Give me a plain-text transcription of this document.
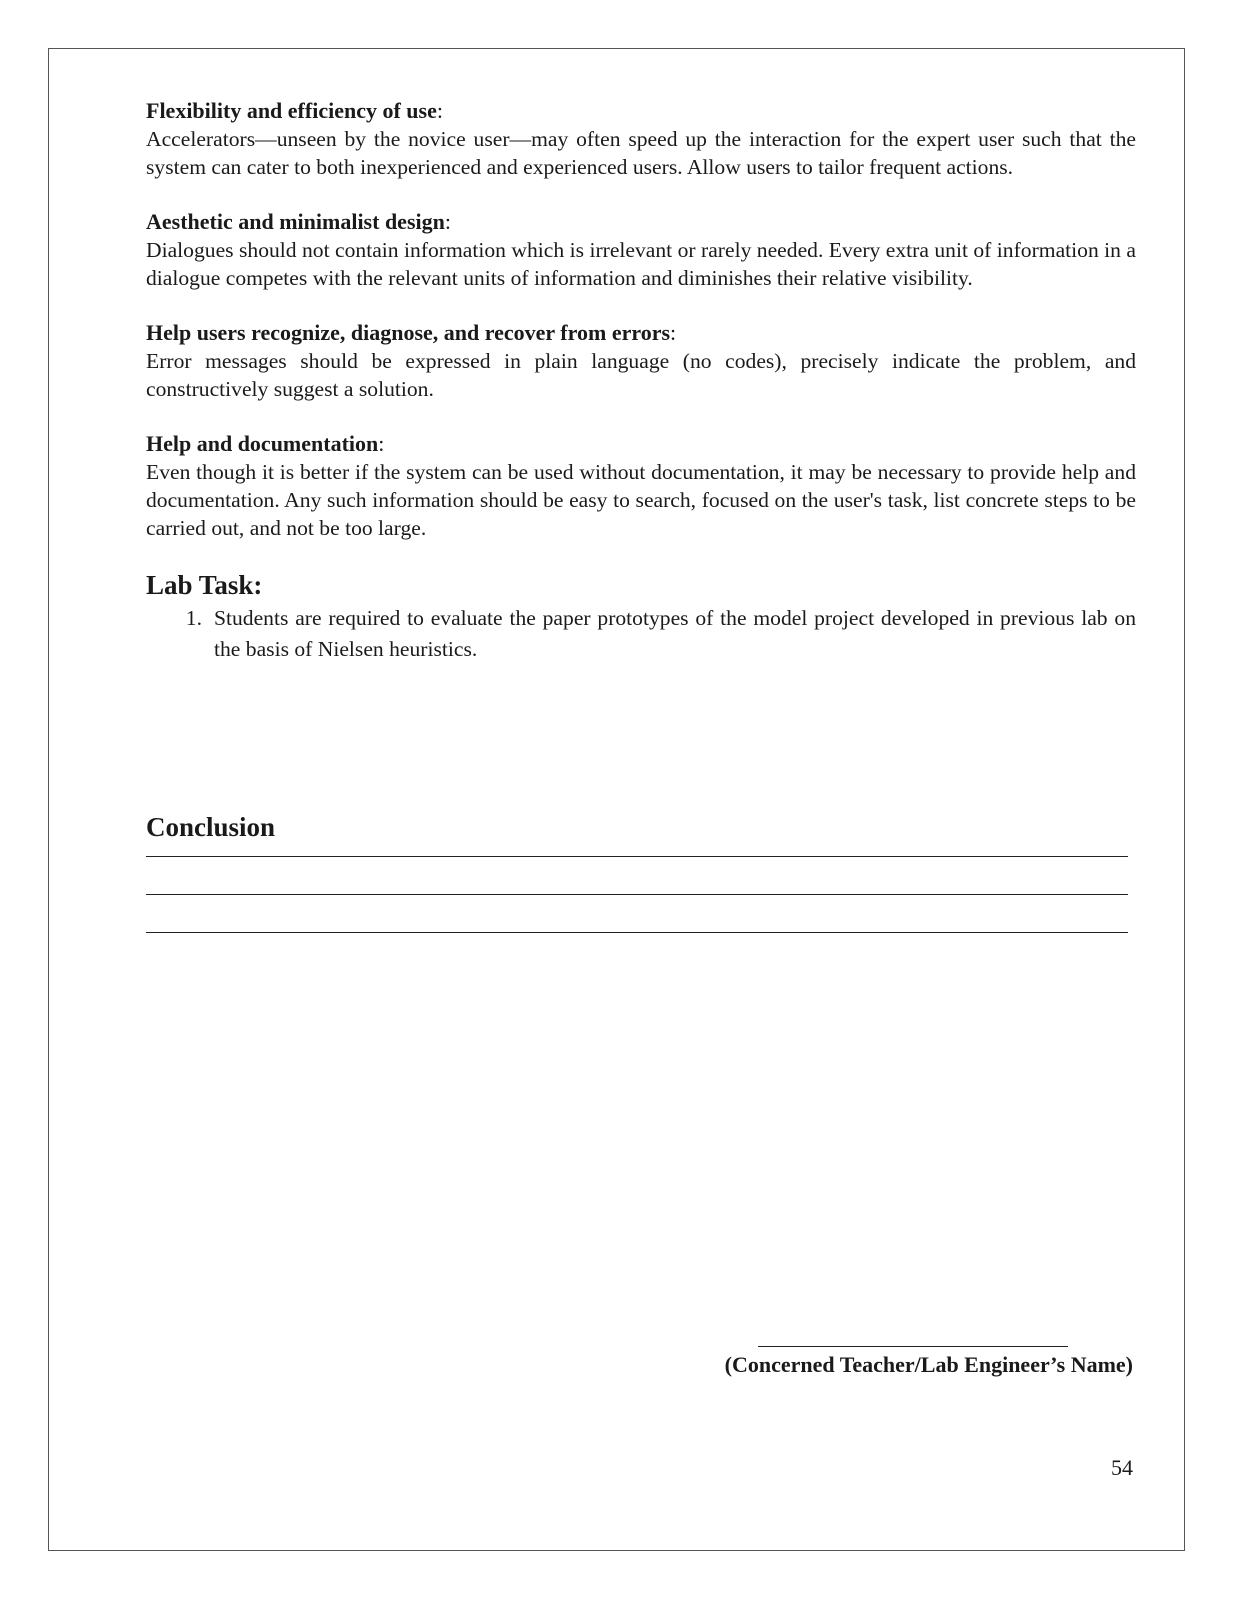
Flexibility and efficiency of use:
Accelerators—unseen by the novice user—may often speed up the interaction for the expert user such that the system can cater to both inexperienced and experienced users. Allow users to tailor frequent actions.
Aesthetic and minimalist design:
Dialogues should not contain information which is irrelevant or rarely needed. Every extra unit of information in a dialogue competes with the relevant units of information and diminishes their relative visibility.
Help users recognize, diagnose, and recover from errors:
Error messages should be expressed in plain language (no codes), precisely indicate the problem, and constructively suggest a solution.
Help and documentation:
Even though it is better if the system can be used without documentation, it may be necessary to provide help and documentation. Any such information should be easy to search, focused on the user's task, list concrete steps to be carried out, and not be too large.
Lab Task:
1. Students are required to evaluate the paper prototypes of the model project developed in previous lab on the basis of Nielsen heuristics.
Conclusion
(Concerned Teacher/Lab Engineer’s Name)
54
